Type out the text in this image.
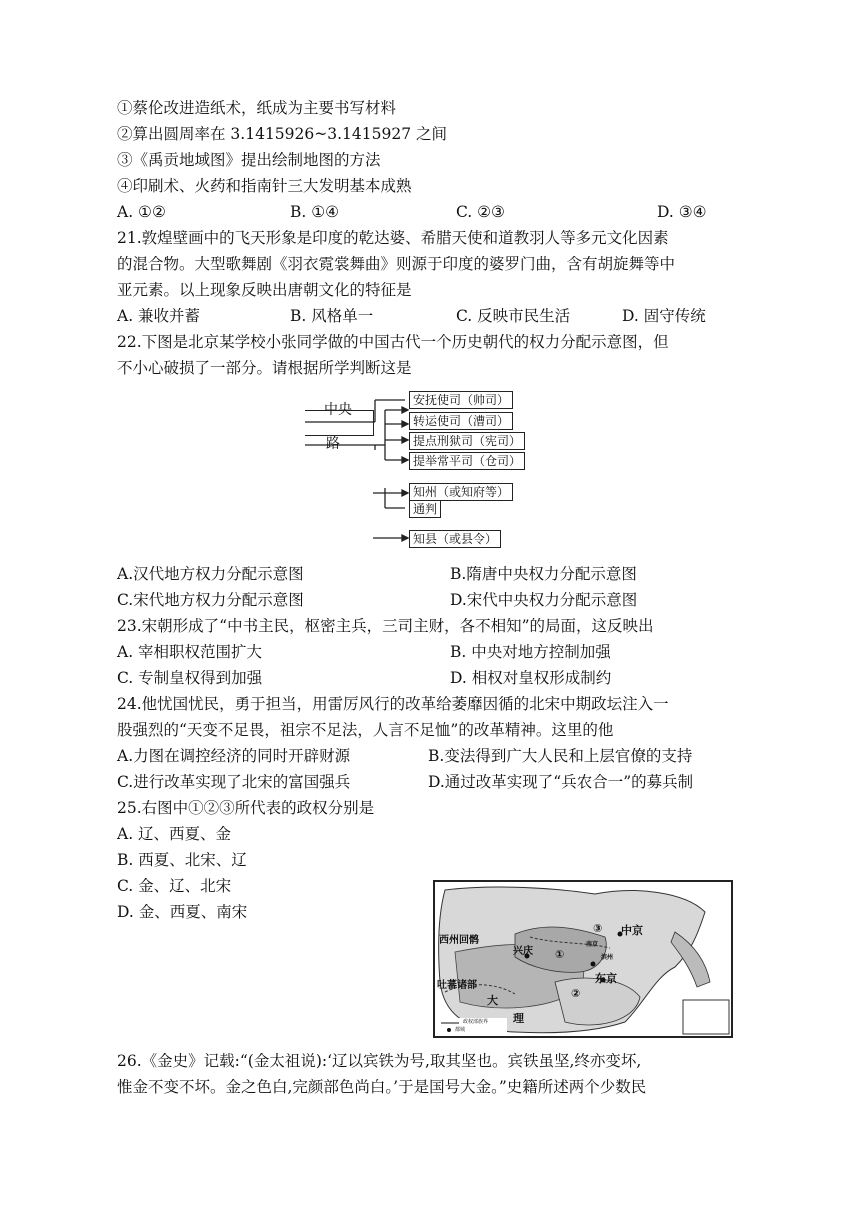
①蔡伦改进造纸术，纸成为主要书写材料
②算出圆周率在 3.1415926~3.1415927 之间
③《禹贡地域图》提出绘制地图的方法
④印刷术、火药和指南针三大发明基本成熟
A. ①②	B. ①④	C. ②③	D. ③④
21.敦煌壁画中的飞天形象是印度的乾达婆、希腊天使和道教羽人等多元文化因素
的混合物。大型歌舞剧《羽衣霓裳舞曲》则源于印度的婆罗门曲，含有胡旋舞等中
亚元素。以上现象反映出唐朝文化的特征是
A. 兼收并蓄	B. 风格单一	C. 反映市民生活	D. 固守传统
22.下图是北京某学校小张同学做的中国古代一个历史朝代的权力分配示意图，但
不小心破损了一部分。请根据所学判断这是
中央
路
安抚使司（帅司）
转运使司（漕司）
提点刑狱司（宪司）
提举常平司（仓司）
知州（或知府等）
通判
知县（或县令）
A.汉代地方权力分配示意图	B.隋唐中央权力分配示意图
C.宋代地方权力分配示意图	D.宋代中央权力分配示意图
23.宋朝形成了“中书主民，枢密主兵，三司主财，各不相知”的局面，这反映出
A. 宰相职权范围扩大	B. 中央对地方控制加强
C. 专制皇权得到加强	D. 相权对皇权形成制约
24.他忧国忧民，勇于担当，用雷厉风行的改革给萎靡因循的北宋中期政坛注入一
股强烈的“天变不足畏，祖宗不足法，人言不足恤”的改革精神。这里的他
A.力图在调控经济的同时开辟财源	B.变法得到广大人民和上层官僚的支持
C.进行改革实现了北宋的富国强兵	D.通过改革实现了“兵农合一”的募兵制
25.右图中①②③所代表的政权分别是
A. 辽、西夏、金
B. 西夏、北宋、辽
C. 金、辽、北宋
D. 金、西夏、南宋
西州回鹘
兴庆 ①
③ 中京
南京
②
东京
吐蕃诸部
大
理
滨州
政权部族界
都城
26.《金史》记载:“(金太祖说):‘辽以宾铁为号,取其坚也。宾铁虽坚,终亦变坏,
惟金不变不坏。金之色白,完颜部色尚白。’于是国号大金。”史籍所述两个少数民
